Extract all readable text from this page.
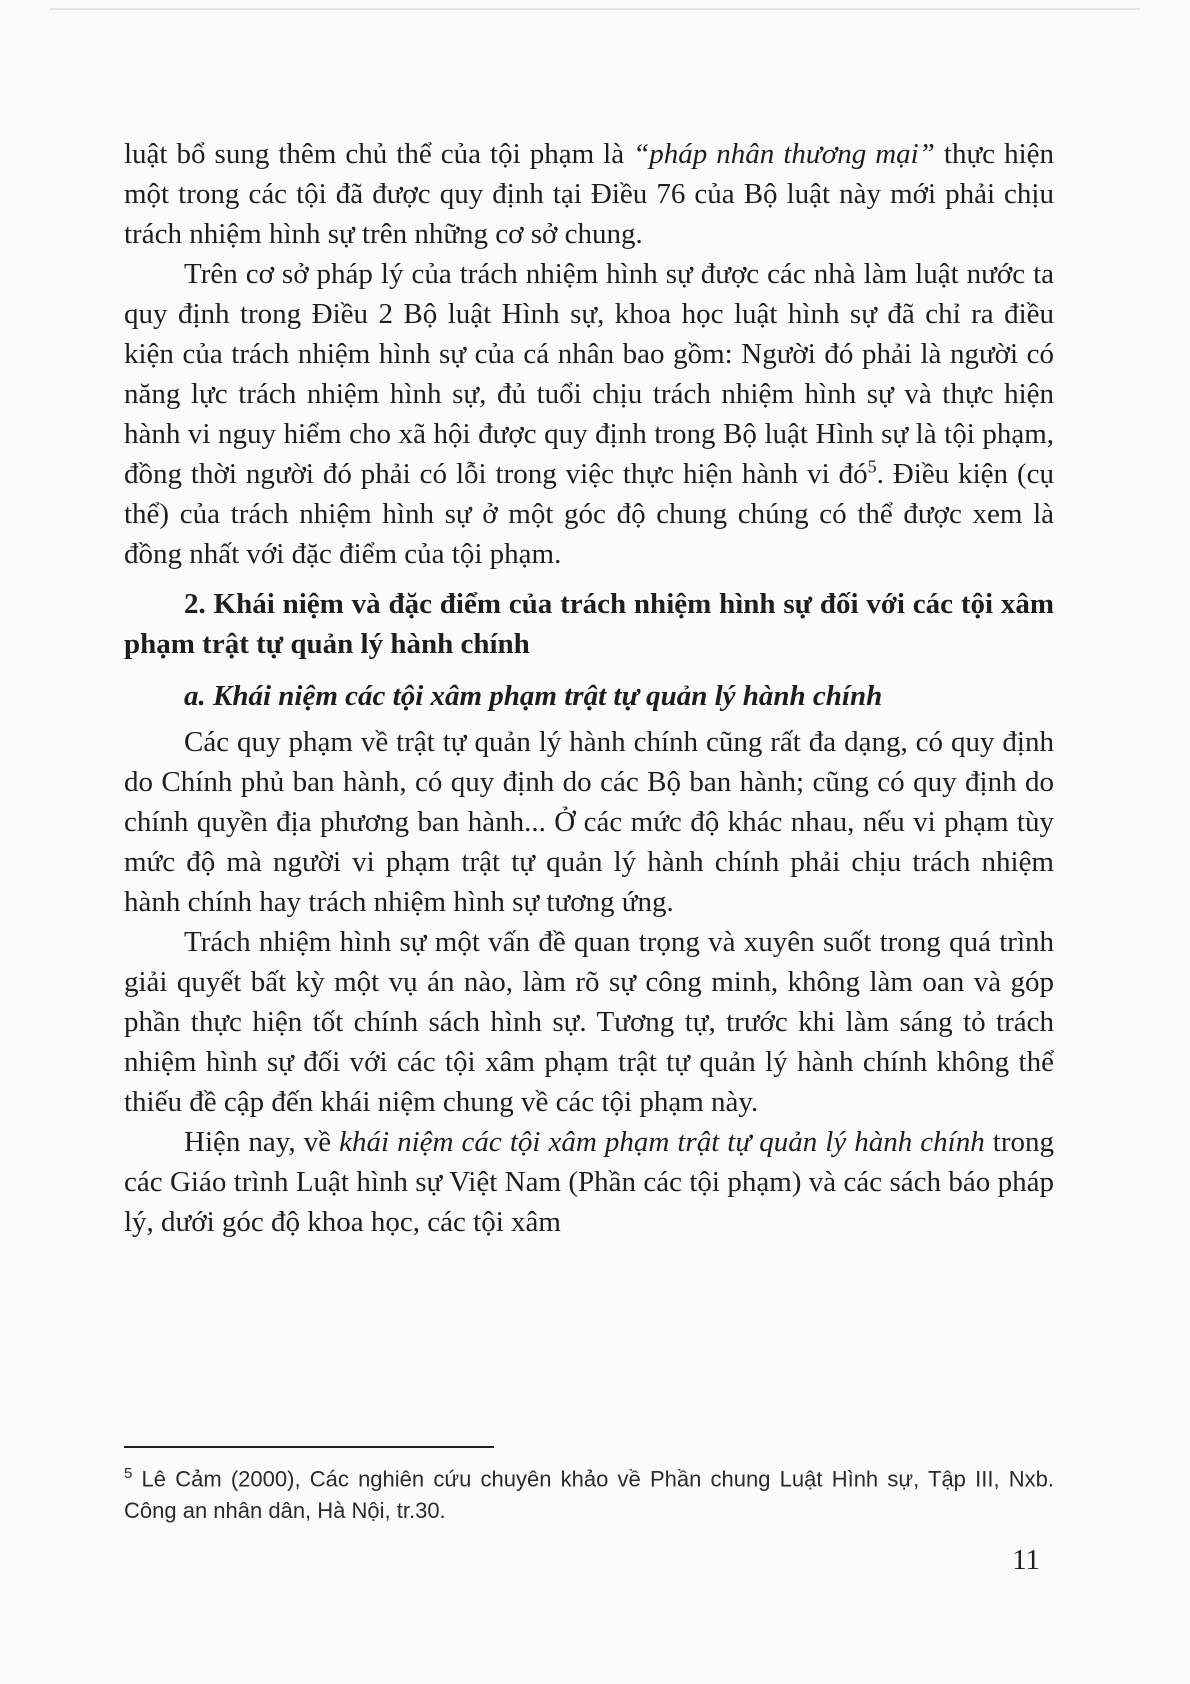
luật bổ sung thêm chủ thể của tội phạm là “pháp nhân thương mại” thực hiện một trong các tội đã được quy định tại Điều 76 của Bộ luật này mới phải chịu trách nhiệm hình sự trên những cơ sở chung.

Trên cơ sở pháp lý của trách nhiệm hình sự được các nhà làm luật nước ta quy định trong Điều 2 Bộ luật Hình sự, khoa học luật hình sự đã chỉ ra điều kiện của trách nhiệm hình sự của cá nhân bao gồm: Người đó phải là người có năng lực trách nhiệm hình sự, đủ tuổi chịu trách nhiệm hình sự và thực hiện hành vi nguy hiểm cho xã hội được quy định trong Bộ luật Hình sự là tội phạm, đồng thời người đó phải có lỗi trong việc thực hiện hành vi đó$^5$. Điều kiện (cụ thể) của trách nhiệm hình sự ở một góc độ chung chúng có thể được xem là đồng nhất với đặc điểm của tội phạm.

2. Khái niệm và đặc điểm của trách nhiệm hình sự đối với các tội xâm phạm trật tự quản lý hành chính

a. Khái niệm các tội xâm phạm trật tự quản lý hành chính

Các quy phạm về trật tự quản lý hành chính cũng rất đa dạng, có quy định do Chính phủ ban hành, có quy định do các Bộ ban hành; cũng có quy định do chính quyền địa phương ban hành... Ở các mức độ khác nhau, nếu vi phạm tùy mức độ mà người vi phạm trật tự quản lý hành chính phải chịu trách nhiệm hành chính hay trách nhiệm hình sự tương ứng.

Trách nhiệm hình sự một vấn đề quan trọng và xuyên suốt trong quá trình giải quyết bất kỳ một vụ án nào, làm rõ sự công minh, không làm oan và góp phần thực hiện tốt chính sách hình sự. Tương tự, trước khi làm sáng tỏ trách nhiệm hình sự đối với các tội xâm phạm trật tự quản lý hành chính không thể thiếu đề cập đến khái niệm chung về các tội phạm này.

Hiện nay, về khái niệm các tội xâm phạm trật tự quản lý hành chính trong các Giáo trình Luật hình sự Việt Nam (Phần các tội phạm) và các sách báo pháp lý, dưới góc độ khoa học, các tội xâm

$^5$ Lê Cảm (2000), Các nghiên cứu chuyên khảo về Phần chung Luật Hình sự, Tập III, Nxb. Công an nhân dân, Hà Nội, tr.30.
11
